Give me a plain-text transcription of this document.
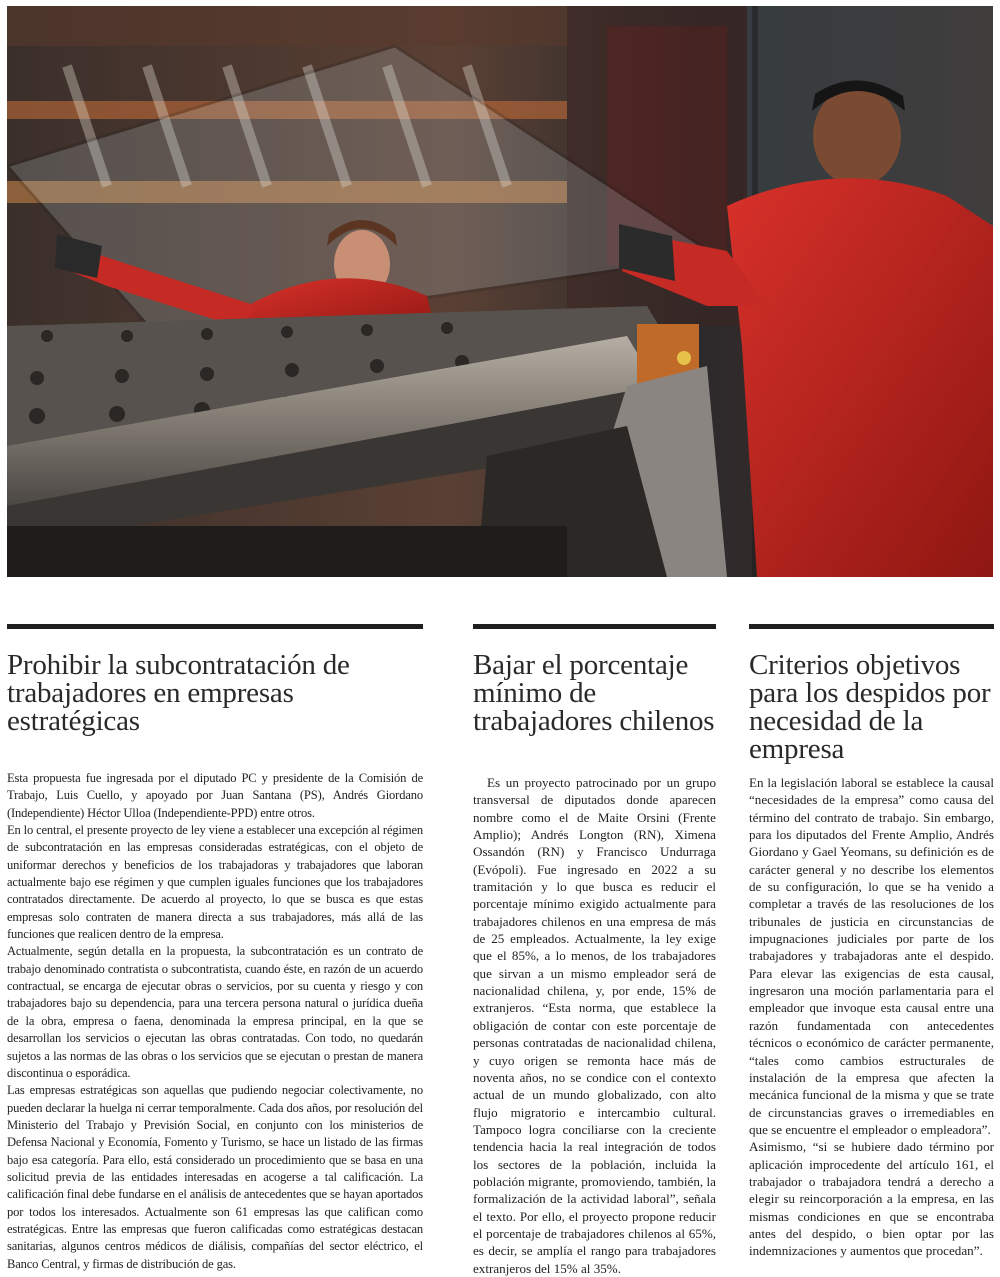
Prohibir la subcontratación de trabajadores en empresas estratégicas

Esta propuesta fue ingresada por el diputado PC y presidente de la Comisión de Trabajo, Luis Cuello, y apoyado por Juan Santana (PS), Andrés Giordano (Independiente) Héctor Ulloa (Independiente-PPD) entre otros.

En lo central, el presente proyecto de ley viene a establecer una excepción al régimen de subcontratación en las empresas consideradas estratégicas, con el objeto de uniformar derechos y beneficios de los trabajadoras y trabajadores que laboran actualmente bajo ese régimen y que cumplen iguales funciones que los trabajadores contratados directamente. De acuerdo al proyecto, lo que se busca es que estas empresas solo contraten de manera directa a sus trabajadores, más allá de las funciones que realicen dentro de la empresa.

Actualmente, según detalla en la propuesta, la subcontratación es un contrato de trabajo denominado contratista o subcontratista, cuando éste, en razón de un acuerdo contractual, se encarga de ejecutar obras o servicios, por su cuenta y riesgo y con trabajadores bajo su dependencia, para una tercera persona natural o jurídica dueña de la obra, empresa o faena, denominada la empresa principal, en la que se desarrollan los servicios o ejecutan las obras contratadas. Con todo, no quedarán sujetos a las normas de las obras o los servicios que se ejecutan o prestan de manera discontinua o esporádica.

Las empresas estratégicas son aquellas que pudiendo negociar colectivamente, no pueden declarar la huelga ni cerrar temporalmente. Cada dos años, por resolución del Ministerio del Trabajo y Previsión Social, en conjunto con los ministerios de Defensa Nacional y Economía, Fomento y Turismo, se hace un listado de las firmas bajo esa categoría. Para ello, está considerado un procedimiento que se basa en una solicitud previa de las entidades interesadas en acogerse a tal calificación. La calificación final debe fundarse en el análisis de antecedentes que se hayan aportados por todos los interesados. Actualmente son 61 empresas las que califican como estratégicas. Entre las empresas que fueron calificadas como estratégicas destacan sanitarias, algunos centros médicos de diálisis, compañías del sector eléctrico, el Banco Central, y firmas de distribución de gas.

Bajar el porcentaje mínimo de trabajadores chilenos

Es un proyecto patrocinado por un grupo transversal de diputados donde aparecen nombre como el de Maite Orsini (Frente Amplio); Andrés Longton (RN), Ximena Ossandón (RN) y Francisco Undurraga (Evópoli). Fue ingresado en 2022 a su tramitación y lo que busca es reducir el porcentaje mínimo exigido actualmente para trabajadores chilenos en una empresa de más de 25 empleados. Actualmente, la ley exige que el 85%, a lo menos, de los trabajadores que sirvan a un mismo empleador será de nacionalidad chilena, y, por ende, 15% de extranjeros. “Esta norma, que establece la obligación de contar con este porcentaje de personas contratadas de nacionalidad chilena, y cuyo origen se remonta hace más de noventa años, no se condice con el contexto actual de un mundo globalizado, con alto flujo migratorio e intercambio cultural. Tampoco logra conciliarse con la creciente tendencia hacia la real integración de todos los sectores de la población, incluida la población migrante, promoviendo, también, la formalización de la actividad laboral”, señala el texto. Por ello, el proyecto propone reducir el porcentaje de trabajadores chilenos al 65%, es decir, se amplía el rango para trabajadores extranjeros del 15% al 35%.

Criterios objetivos para los despidos por necesidad de la empresa

En la legislación laboral se establece la causal “necesidades de la empresa” como causa del término del contrato de trabajo. Sin embargo, para los diputados del Frente Amplio, Andrés Giordano y Gael Yeomans, su definición es de carácter general y no describe los elementos de su configuración, lo que se ha venido a completar a través de las resoluciones de los tribunales de justicia en circunstancias de impugnaciones judiciales por parte de los trabajadores y trabajadoras ante el despido. Para elevar las exigencias de esta causal, ingresaron una moción parlamentaria para el empleador que invoque esta causal entre una razón fundamentada con antecedentes técnicos o económico de carácter permanente, “tales como cambios estructurales de instalación de la empresa que afecten la mecánica funcional de la misma y que se trate de circunstancias graves o irremediables en que se encuentre el empleador o empleadora”.

Asimismo, “si se hubiere dado término por aplicación improcedente del artículo 161, el trabajador o trabajadora tendrá a derecho a elegir su reincorporación a la empresa, en las mismas condiciones en que se encontraba antes del despido, o bien optar por las indemnizaciones y aumentos que procedan”.
